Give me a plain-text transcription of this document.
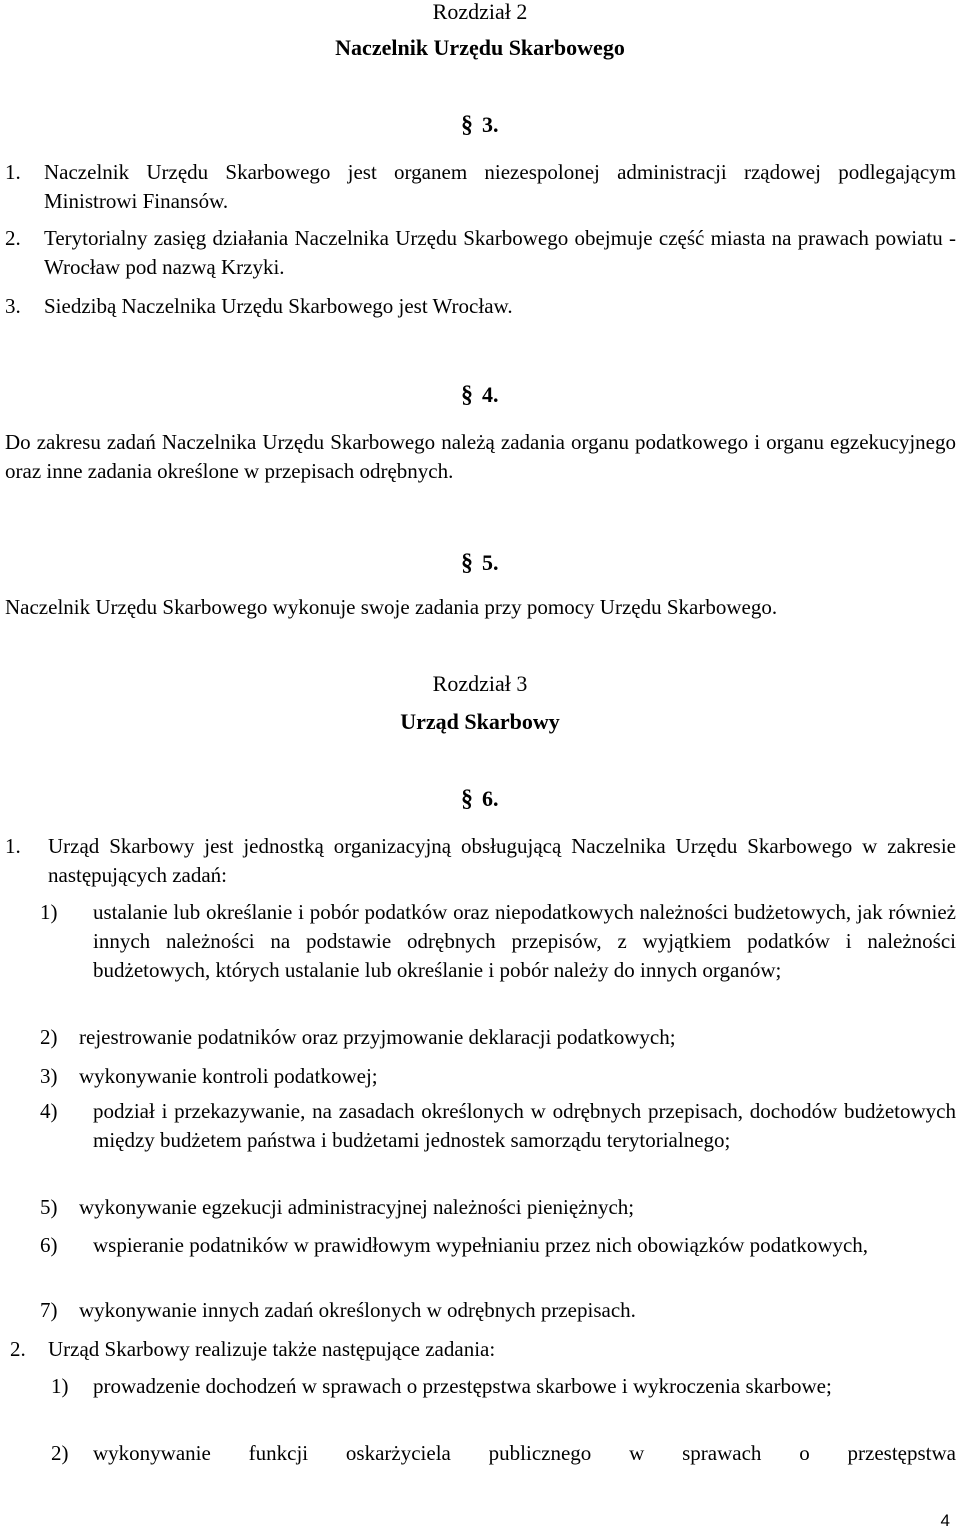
Rozdział 2
Naczelnik Urzędu Skarbowego
§ 3.
1. Naczelnik Urzędu Skarbowego jest organem niezespolonej administracji rządowej podlegającym Ministrowi Finansów.
2. Terytorialny zasięg działania Naczelnika Urzędu Skarbowego obejmuje część miasta na prawach powiatu - Wrocław pod nazwą Krzyki.
3. Siedzibą Naczelnika Urzędu Skarbowego jest Wrocław.
§ 4.
Do zakresu zadań Naczelnika Urzędu Skarbowego należą zadania organu podatkowego i organu egzekucyjnego oraz inne zadania określone w przepisach odrębnych.
§ 5.
Naczelnik Urzędu Skarbowego wykonuje swoje zadania przy pomocy Urzędu Skarbowego.
Rozdział 3
Urząd Skarbowy
§ 6.
1. Urząd Skarbowy jest jednostką organizacyjną obsługującą Naczelnika Urzędu Skarbowego w zakresie następujących zadań:
1) ustalanie lub określanie i pobór podatków oraz niepodatkowych należności budżetowych, jak również innych należności na podstawie odrębnych przepisów, z wyjątkiem podatków i należności budżetowych, których ustalanie lub określanie i pobór należy do innych organów;
2) rejestrowanie podatników oraz przyjmowanie deklaracji podatkowych;
3) wykonywanie kontroli podatkowej;
4) podział i przekazywanie, na zasadach określonych w odrębnych przepisach, dochodów budżetowych między budżetem państwa i budżetami jednostek samorządu terytorialnego;
5) wykonywanie egzekucji administracyjnej należności pieniężnych;
6) wspieranie podatników w prawidłowym wypełnianiu przez nich obowiązków podatkowych,
7) wykonywanie innych zadań określonych w odrębnych przepisach.
2. Urząd Skarbowy realizuje także następujące zadania:
1) prowadzenie dochodzeń w sprawach o przestępstwa skarbowe i wykroczenia skarbowe;
2) wykonywanie funkcji oskarżyciela publicznego w sprawach o przestępstwa
4
